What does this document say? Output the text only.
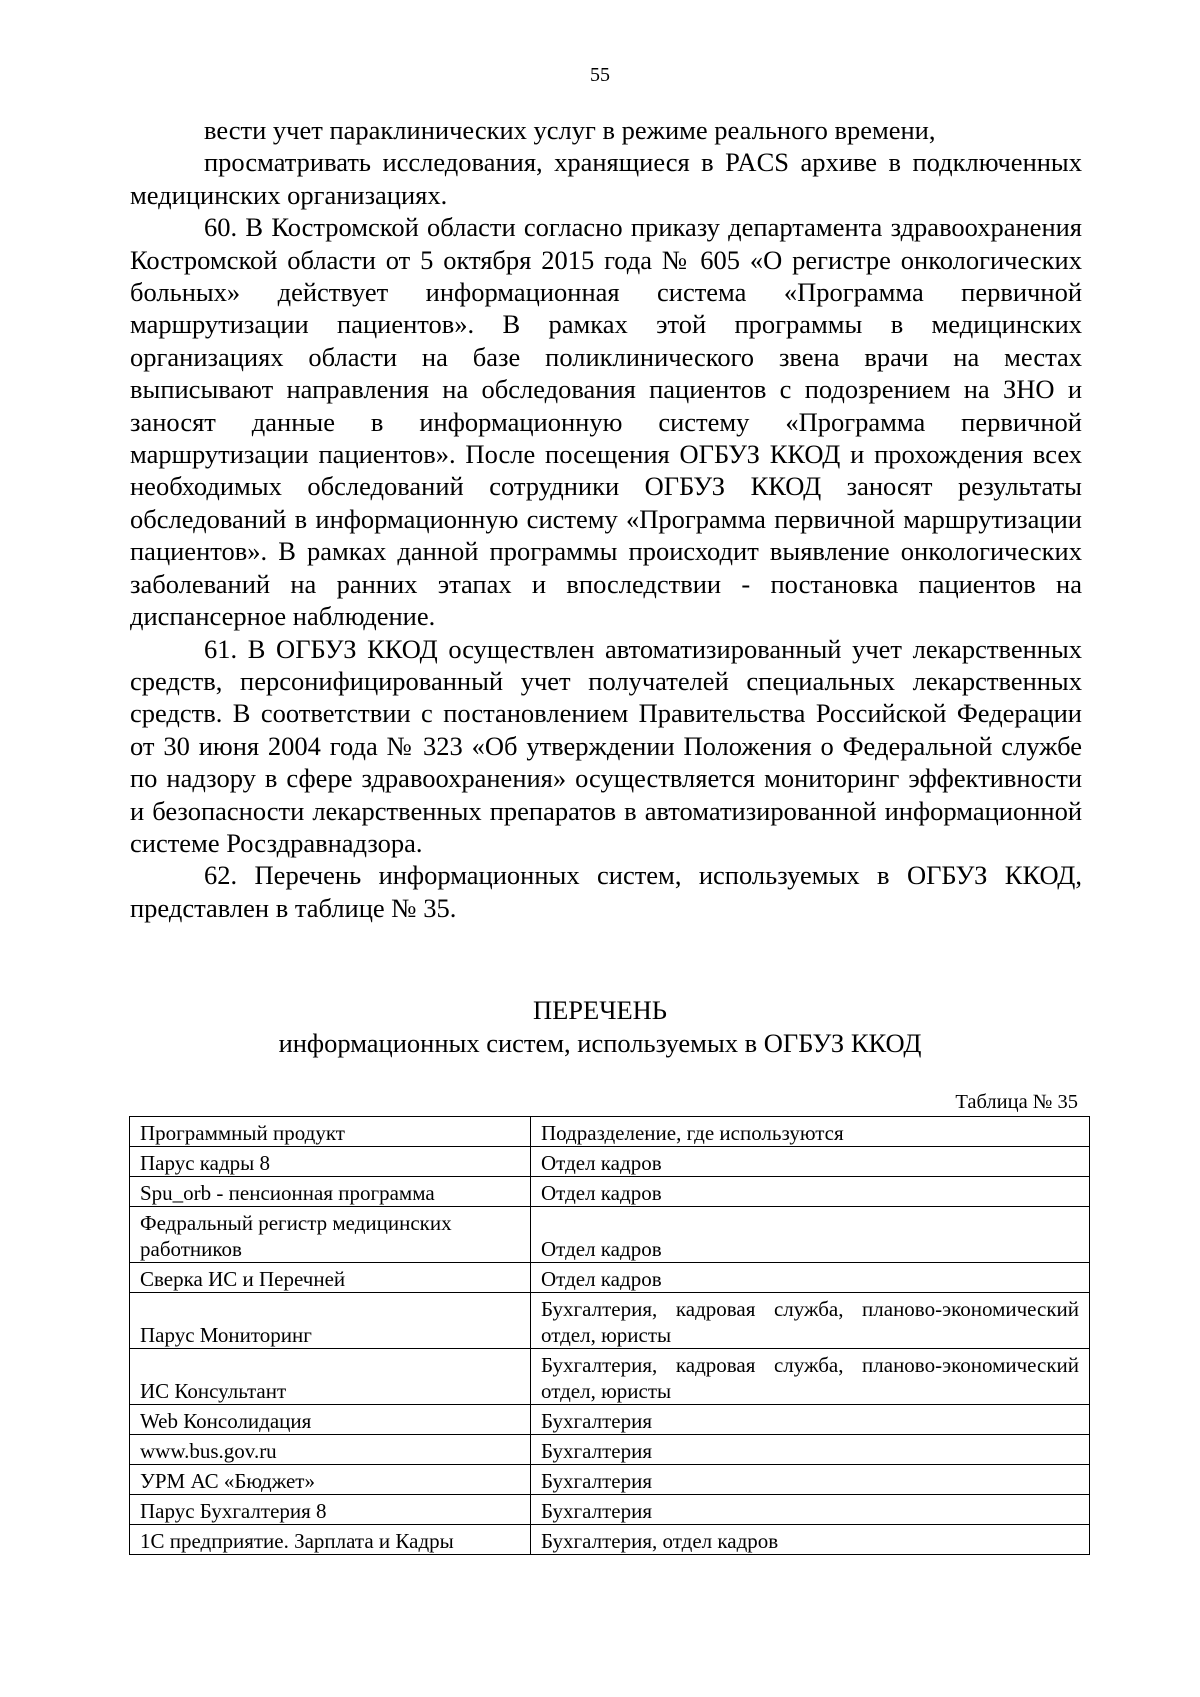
55

вести учет параклинических услуг в режиме реального времени,

просматривать исследования, хранящиеся в PACS архиве в подключенных медицинских организациях.

60. В Костромской области согласно приказу департамента здравоохранения Костромской области от 5 октября 2015 года № 605 «О регистре онкологических больных» действует информационная система «Программа первичной маршрутизации пациентов». В рамках этой программы в медицинских организациях области на базе поликлинического звена врачи на местах выписывают направления на обследования пациентов с подозрением на ЗНО и заносят данные в информационную систему «Программа первичной маршрутизации пациентов». После посещения ОГБУЗ ККОД и прохождения всех необходимых обследований сотрудники ОГБУЗ ККОД заносят результаты обследований в информационную систему «Программа первичной маршрутизации пациентов». В рамках данной программы происходит выявление онкологических заболеваний на ранних этапах и впоследствии - постановка пациентов на диспансерное наблюдение.

61. В ОГБУЗ ККОД осуществлен автоматизированный учет лекарственных средств, персонифицированный учет получателей специальных лекарственных средств. В соответствии с постановлением Правительства Российской Федерации от 30 июня 2004 года № 323 «Об утверждении Положения о Федеральной службе по надзору в сфере здравоохранения» осуществляется мониторинг эффективности и безопасности лекарственных препаратов в автоматизированной информационной системе Росздравнадзора.

62. Перечень информационных систем, используемых в ОГБУЗ ККОД, представлен в таблице № 35.

ПЕРЕЧЕНЬ
информационных систем, используемых в ОГБУЗ ККОД
Таблица № 35
Программный продукт	Подразделение, где используются
Парус кадры 8	Отдел кадров
Spu_orb - пенсионная программа	Отдел кадров
Федральный регистр медицинских работников	Отдел кадров
Сверка ИС и Перечней	Отдел кадров
Парус Мониторинг	Бухгалтерия, кадровая служба, планово-экономический отдел, юристы
ИС Консультант	Бухгалтерия, кадровая служба, планово-экономический отдел, юристы
Web Консолидация	Бухгалтерия
www.bus.gov.ru	Бухгалтерия
УРМ АС «Бюджет»	Бухгалтерия
Парус Бухгалтерия 8	Бухгалтерия
1С предприятие. Зарплата и Кадры	Бухгалтерия, отдел кадров
